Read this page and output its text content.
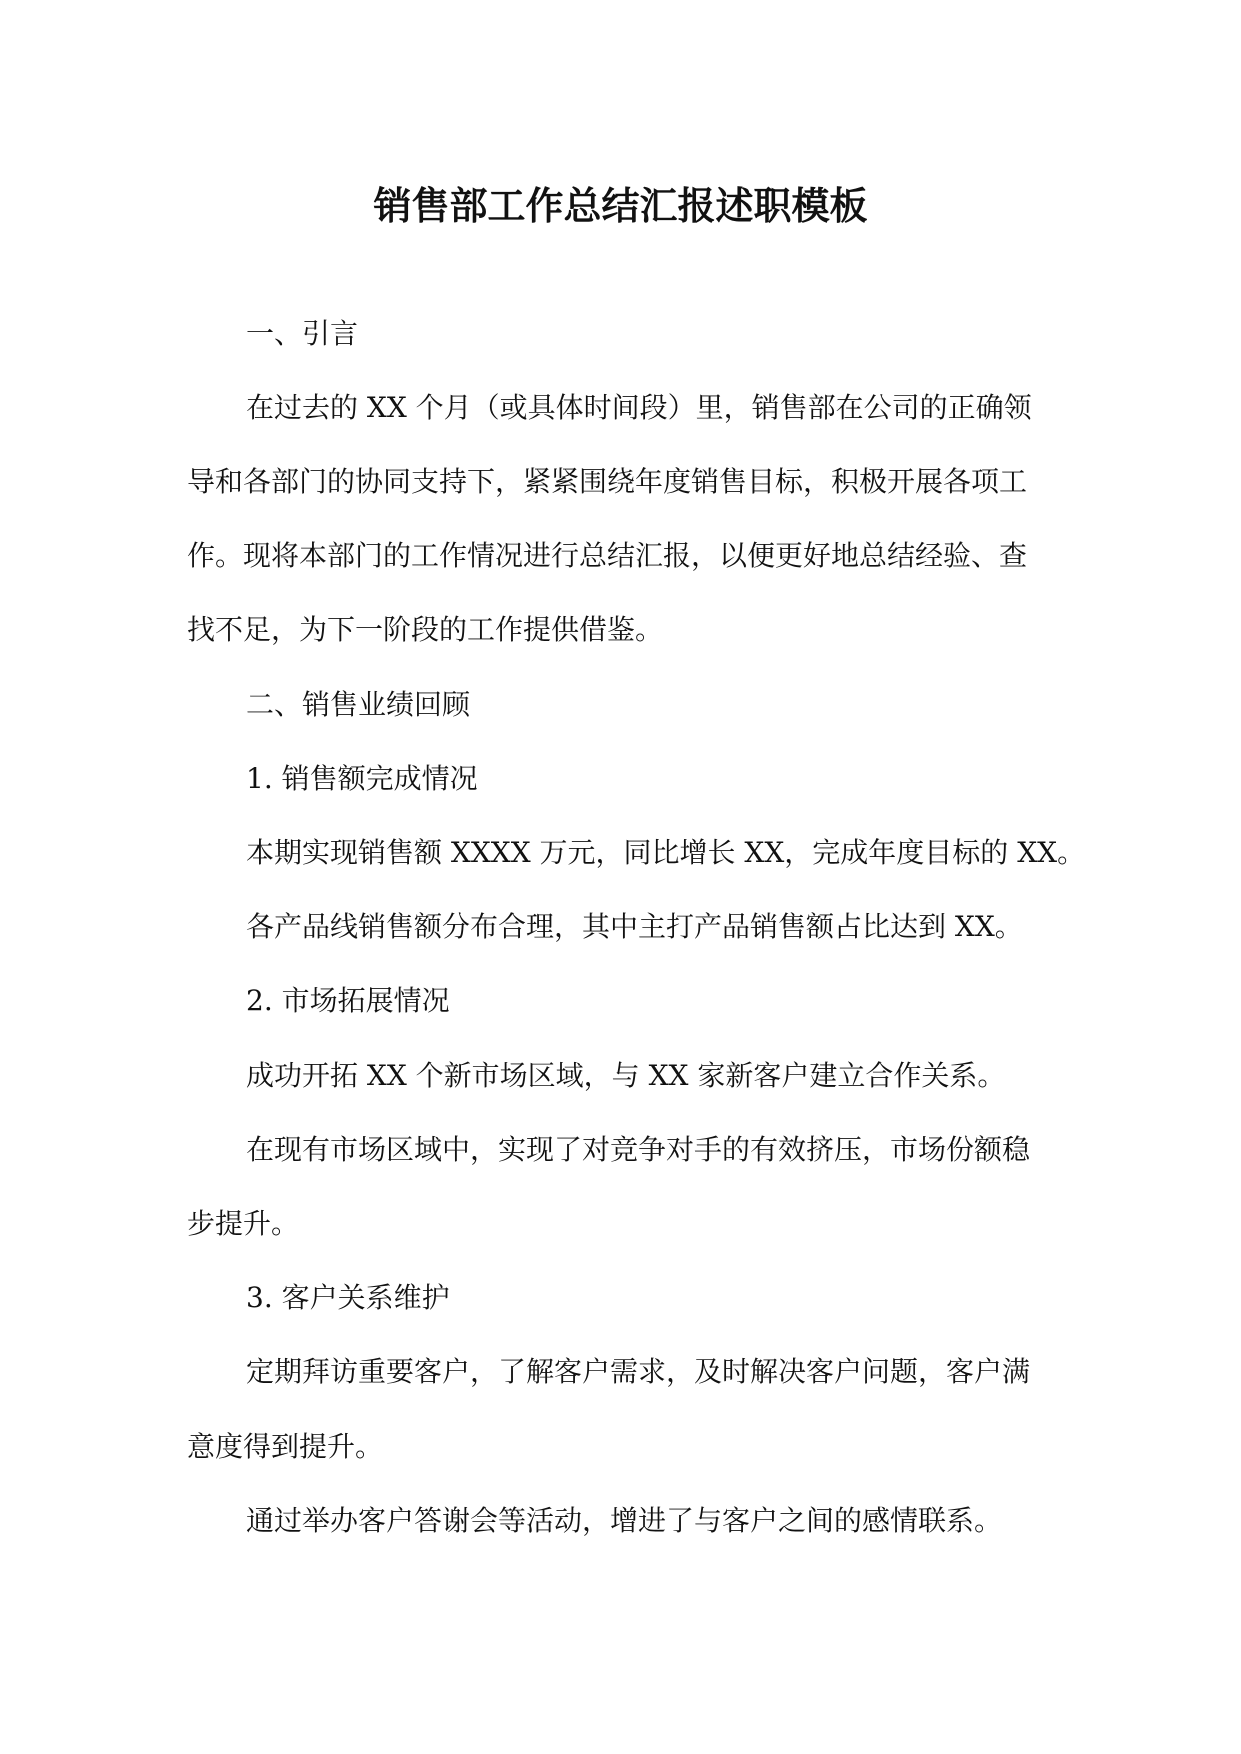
销售部工作总结汇报述职模板
一、引言
在过去的 XX 个月（或具体时间段）里，销售部在公司的正确领
导和各部门的协同支持下，紧紧围绕年度销售目标，积极开展各项工
作。现将本部门的工作情况进行总结汇报，以便更好地总结经验、查
找不足，为下一阶段的工作提供借鉴。
二、销售业绩回顾
1. 销售额完成情况
本期实现销售额 XXXX 万元，同比增长 XX，完成年度目标的 XX。
各产品线销售额分布合理，其中主打产品销售额占比达到 XX。
2. 市场拓展情况
成功开拓 XX 个新市场区域，与 XX 家新客户建立合作关系。
在现有市场区域中，实现了对竞争对手的有效挤压，市场份额稳
步提升。
3. 客户关系维护
定期拜访重要客户，了解客户需求，及时解决客户问题，客户满
意度得到提升。
通过举办客户答谢会等活动，增进了与客户之间的感情联系。
